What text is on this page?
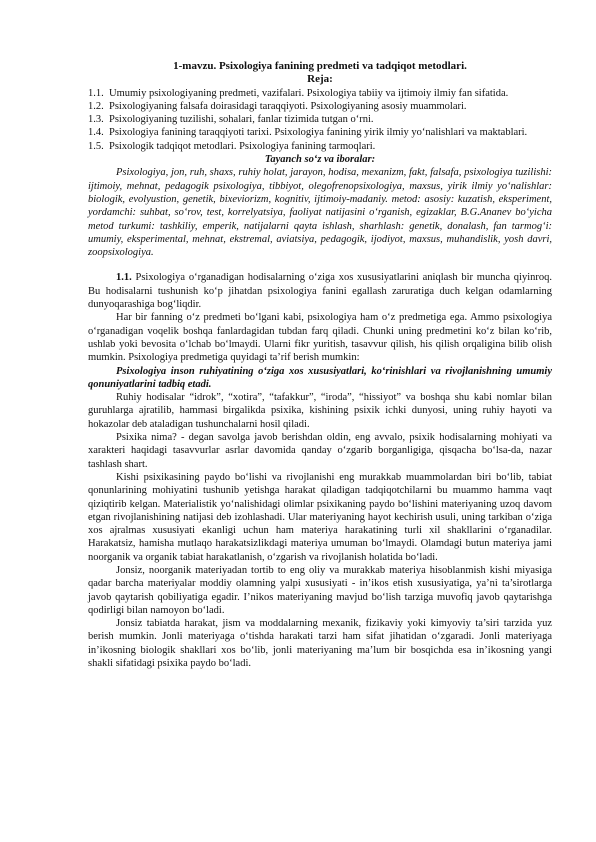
1-mavzu. Psixologiya fanining predmeti va tadqiqot metodlari.

Reja:

1.1. Umumiy psixologiyaning predmeti, vazifalari. Psixologiya tabiiy va ijtimoiy ilmiy fan sifatida.
1.2. Psixologiyaning falsafa doirasidagi taraqqiyoti. Psixologiyaning asosiy muammolari.
1.3. Psixologiyaning tuzilishi, sohalari, fanlar tizimida tutgan o‘rni.
1.4. Psixologiya fanining taraqqiyoti tarixi. Psixologiya fanining yirik ilmiy yo‘nalishlari va maktablari.
1.5. Psixologik tadqiqot metodlari. Psixologiya fanining tarmoqlari.

Tayanch so‘z va iboralar:

Psixologiya, jon, ruh, shaxs, ruhiy holat, jarayon, hodisa, mexanizm, fakt, falsafa, psixologiya tuzilishi: ijtimoiy, mehnat, pedagogik psixologiya, tibbiyot, olegofrenopsixologiya, maxsus, yirik ilmiy yo‘nalishlar: biologik, evolyustion, genetik, bixeviorizm, kognitiv, ijtimoiy-madaniy. metod: asosiy: kuzatish, eksperiment, yordamchi: suhbat, so‘rov, test, korrelyatsiya, faoliyat natijasini o‘rganish, egizaklar, B.G.Ananev bo‘yicha metod turkumi: tashkiliy, emperik, natijalarni qayta ishlash, sharhlash: genetik, donalash, fan tarmog‘i: umumiy, eksperimental, mehnat, ekstremal, aviatsiya, pedagogik, ijodiyot, maxsus, muhandislik, yosh davri, zoopsixologiya.

1.1. Psixologiya o‘rganadigan hodisalarning o‘ziga xos xususiyatlarini aniqlash bir muncha qiyinroq. Bu hodisalarni tushunish ko‘p jihatdan psixologiya fanini egallash zaruratiga duch kelgan odamlarning dunyoqarashiga bog‘liqdir.

Har bir fanning o‘z predmeti bo‘lgani kabi, psixologiya ham o‘z predmetiga ega. Ammo psixologiya o‘rganadigan voqelik boshqa fanlardagidan tubdan farq qiladi. Chunki uning predmetini ko‘z bilan ko‘rib, ushlab yoki bevosita o‘lchab bo‘lmaydi. Ularni fikr yuritish, tasavvur qilish, his qilish orqaligina bilib olish mumkin. Psixologiya predmetiga quyidagi ta’rif berish mumkin:

Psixologiya inson ruhiyatining o‘ziga xos xususiyatlari, ko‘rinishlari va rivojlanishning umumiy qonuniyatlarini tadbiq etadi.

Ruhiy hodisalar “idrok”, “xotira”, “tafakkur”, “iroda”, “hissiyot” va boshqa shu kabi nomlar bilan guruhlarga ajratilib, hammasi birgalikda psixika, kishining psixik ichki dunyosi, uning ruhiy hayoti va hokazolar deb ataladigan tushunchalarni hosil qiladi.

Psixika nima? - degan savolga javob berishdan oldin, eng avvalo, psixik hodisalarning mohiyati va xarakteri haqidagi tasavvurlar asrlar davomida qanday o‘zgarib borganligiga, qisqacha bo‘lsa-da, nazar tashlash shart.

Kishi psixikasining paydo bo‘lishi va rivojlanishi eng murakkab muammolardan biri bo‘lib, tabiat qonunlarining mohiyatini tushunib yetishga harakat qiladigan tadqiqotchilarni bu muammo hamma vaqt qiziqtirib kelgan. Materialistik yo‘nalishidagi olimlar psixikaning paydo bo‘lishini materiyaning uzoq davom etgan rivojlanishining natijasi deb izohlashadi. Ular materiyaning hayot kechirish usuli, uning tarkiban o‘ziga xos ajralmas xususiyati ekanligi uchun ham materiya harakatining turli xil shakllarini o‘rganadilar. Harakatsiz, hamisha mutlaqo harakatsizlikdagi materiya umuman bo‘lmaydi. Olamdagi butun materiya jami noorganik va organik tabiat harakatlanish, o‘zgarish va rivojlanish holatida bo‘ladi.

Jonsiz, noorganik materiyadan tortib to eng oliy va murakkab materiya hisoblanmish kishi miyasiga qadar barcha materiyalar moddiy olamning yalpi xususiyati - in’ikos etish xususiyatiga, ya’ni ta’sirotlarga javob qaytarish qobiliyatiga egadir. I’nikos materiyaning mavjud bo‘lish tarziga muvofiq javob qaytarishga qodirligi bilan namoyon bo‘ladi.

Jonsiz tabiatda harakat, jism va moddalarning mexanik, fizikaviy yoki kimyoviy ta’siri tarzida yuz berish mumkin. Jonli materiyaga o‘tishda harakati tarzi ham sifat jihatidan o‘zgaradi. Jonli materiyaga in’ikosning biologik shakllari xos bo‘lib, jonli materiyaning ma’lum bir bosqichda esa in’ikosning yangi shakli sifatidagi psixika paydo bo‘ladi.
